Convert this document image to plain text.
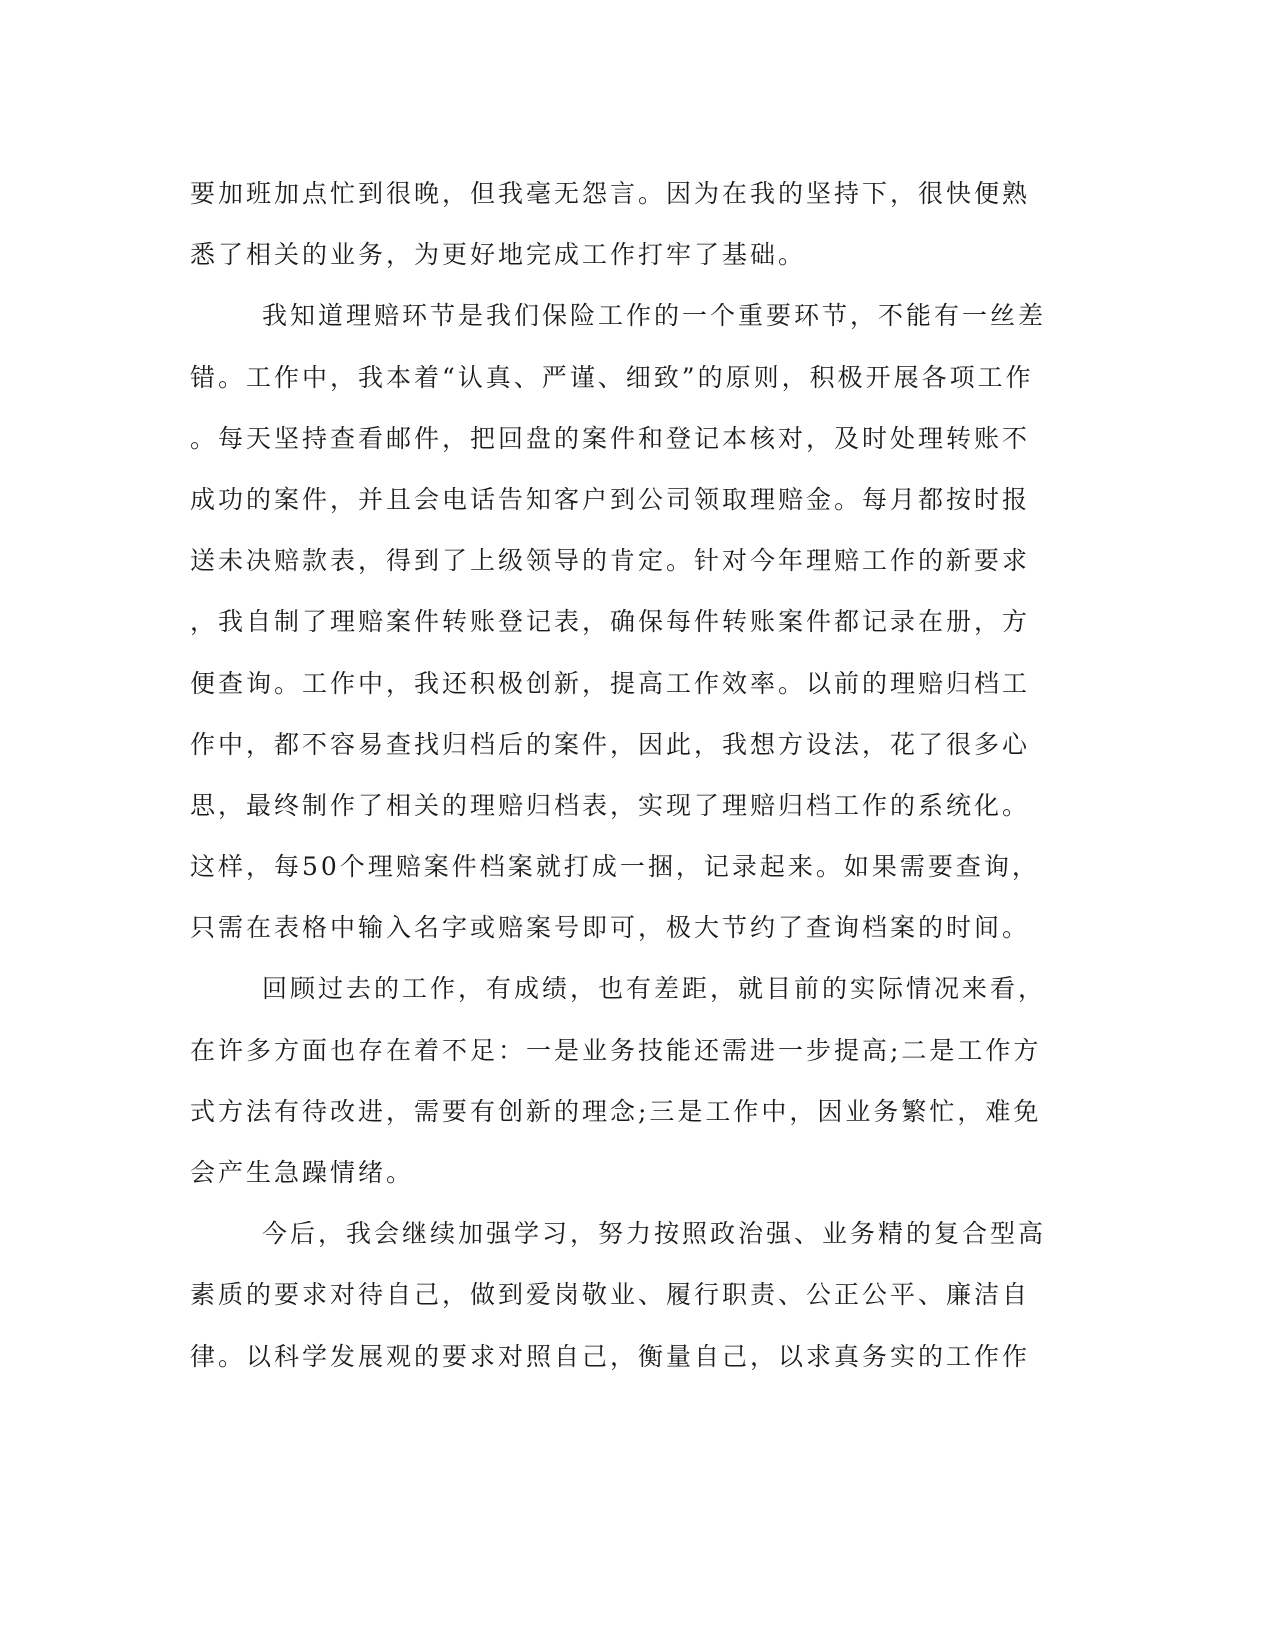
要加班加点忙到很晚，但我毫无怨言。因为在我的坚持下，很快便熟
悉了相关的业务，为更好地完成工作打牢了基础。
我知道理赔环节是我们保险工作的一个重要环节，不能有一丝差
错。工作中，我本着“认真、严谨、细致”的原则，积极开展各项工作
。每天坚持查看邮件，把回盘的案件和登记本核对，及时处理转账不
成功的案件，并且会电话告知客户到公司领取理赔金。每月都按时报
送未决赔款表，得到了上级领导的肯定。针对今年理赔工作的新要求
，我自制了理赔案件转账登记表，确保每件转账案件都记录在册，方
便查询。工作中，我还积极创新，提高工作效率。以前的理赔归档工
作中，都不容易查找归档后的案件，因此，我想方设法，花了很多心
思，最终制作了相关的理赔归档表，实现了理赔归档工作的系统化。
这样，每50个理赔案件档案就打成一捆，记录起来。如果需要查询，
只需在表格中输入名字或赔案号即可，极大节约了查询档案的时间。
回顾过去的工作，有成绩，也有差距，就目前的实际情况来看，
在许多方面也存在着不足：一是业务技能还需进一步提高;二是工作方
式方法有待改进，需要有创新的理念;三是工作中，因业务繁忙，难免
会产生急躁情绪。
今后，我会继续加强学习，努力按照政治强、业务精的复合型高
素质的要求对待自己，做到爱岗敬业、履行职责、公正公平、廉洁自
律。以科学发展观的要求对照自己，衡量自己，以求真务实的工作作
